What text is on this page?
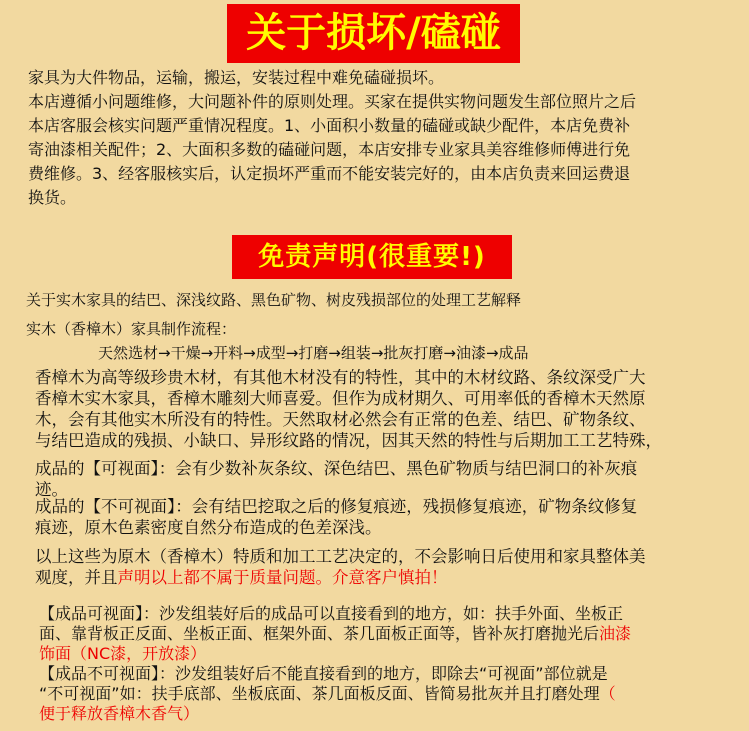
关于损坏/磕碰
家具为大件物品，运输，搬运，安装过程中难免磕碰损坏。
本店遵循小问题维修，大问题补件的原则处理。买家在提供实物问题发生部位照片之后
本店客服会核实问题严重情况程度。1、小面积小数量的磕碰或缺少配件，本店免费补
寄油漆相关配件；2、大面积多数的磕碰问题，本店安排专业家具美容维修师傅进行免
费维修。3、经客服核实后，认定损坏严重而不能安装完好的，由本店负责来回运费退
换货。
免责声明(很重要!)
关于实木家具的结巴、深浅纹路、黑色矿物、树皮残损部位的处理工艺解释
实木（香樟木）家具制作流程：
天然选材→干燥→开料→成型→打磨→组装→批灰打磨→油漆→成品
香樟木为高等级珍贵木材，有其他木材没有的特性，其中的木材纹路、条纹深受广大
香樟木实木家具，香樟木雕刻大师喜爱。但作为成材期久、可用率低的香樟木天然原
木，会有其他实木所没有的特性。天然取材必然会有正常的色差、结巴、矿物条纹、
与结巴造成的残损、小缺口、异形纹路的情况，因其天然的特性与后期加工工艺特殊，
成品的【可视面】：会有少数补灰条纹、深色结巴、黑色矿物质与结巴洞口的补灰痕
迹。
成品的【不可视面】：会有结巴挖取之后的修复痕迹，残损修复痕迹，矿物条纹修复
痕迹，原木色素密度自然分布造成的色差深浅。
以上这些为原木（香樟木）特质和加工工艺决定的，不会影响日后使用和家具整体美
观度，并且声明以上都不属于质量问题。介意客户慎拍！
【成品可视面】：沙发组装好后的成品可以直接看到的地方，如：扶手外面、坐板正
面、靠背板正反面、坐板正面、框架外面、茶几面板正面等，皆补灰打磨抛光后油漆
饰面（NC漆，开放漆）
【成品不可视面】：沙发组装好后不能直接看到的地方，即除去“可视面”部位就是
“不可视面”如：扶手底部、坐板底面、茶几面板反面、皆简易批灰并且打磨处理（
便于释放香樟木香气）
